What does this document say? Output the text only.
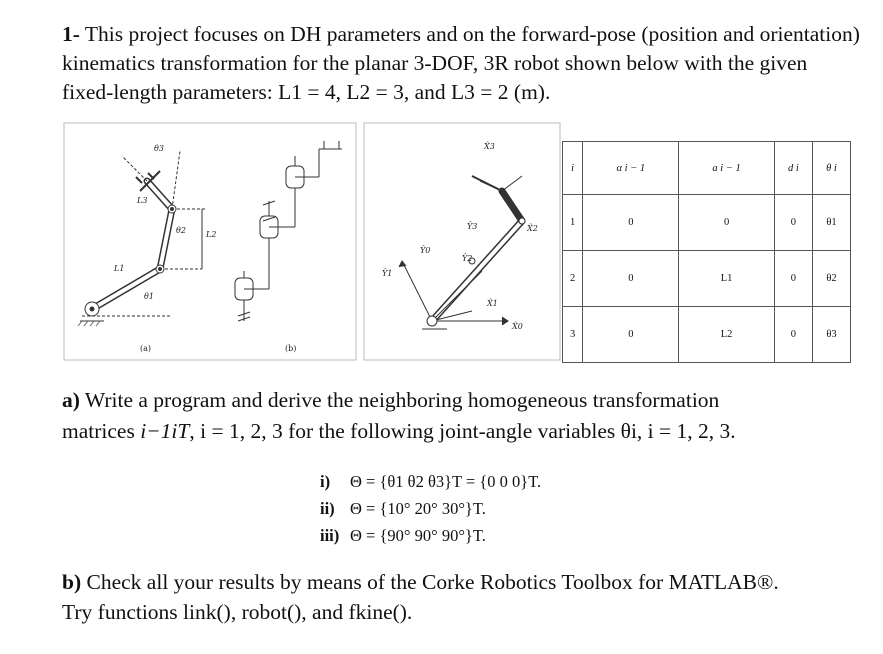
1- This project focuses on DH parameters and on the forward-pose (position and orientation) kinematics transformation for the planar 3-DOF, 3R robot shown below with the given fixed-length parameters: L1 = 4, L2 = 3, and L3 = 2 (m).
θ3
L3
θ2	L2
L1
θ1
(a)	(b)
X̂3
Ŷ3	X̂2
Ŷ2
Ŷ0
Ŷ1
X̂1
X̂0
i	α i − 1	a i − 1	d i	θ i
1	0	0	0	θ1
2	0	L1	0	θ2
3	0	L2	0	θ3
a) Write a program and derive the neighboring homogeneous transformation
matrices i−1iT, i = 1, 2, 3 for the following joint-angle variables θi, i = 1, 2, 3.
i) Θ = {θ1 θ2 θ3}T = {0 0 0}T.
ii) Θ = {10° 20° 30°}T.
iii) Θ = {90° 90° 90°}T.
b) Check all your results by means of the Corke Robotics Toolbox for MATLAB®.
Try functions link(), robot(), and fkine().
